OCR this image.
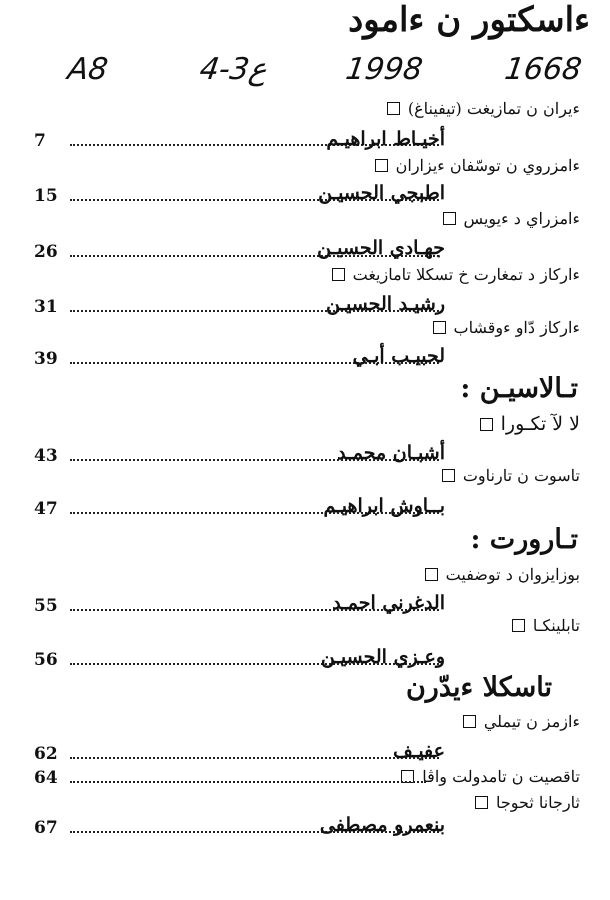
ءاسكتور ن ءامود
A8	4-3ع 1998	1668
ءيران ن تمازيغت (تيفيناغ)
7	أخيـاط ابراهيـم
ءامزروي ن توسّفان ءيزاران
15	اطبجي الحسيـن
ءامزراي د ءيويس
26	جهـادي الحسيـن
ءاركاز د تمغارت خ تسكلا تامازيغت
31	رشيـد الحسيـن
ءاركاز دّاو ءوقشاب
39	لحبيـب أبـي
تـالاسيـن :
لا لآ تكـورا
43	أشبـان محمـد
تاسوت ن تارناوت
47	بــاوش ابراهيـم
تـارورت :
بوزايزوان د توضفيت
55	الدغرني احمـد
تابلينكـا
56	وعـزي الحسيـن
تاسكلا ءيدّرن
ءازمز ن تيملي
62	عفيـف
تاقصيت ن تامدولت واڤا
64
ثارجانا ثحوجا
67	بنعمرو مصطفى
